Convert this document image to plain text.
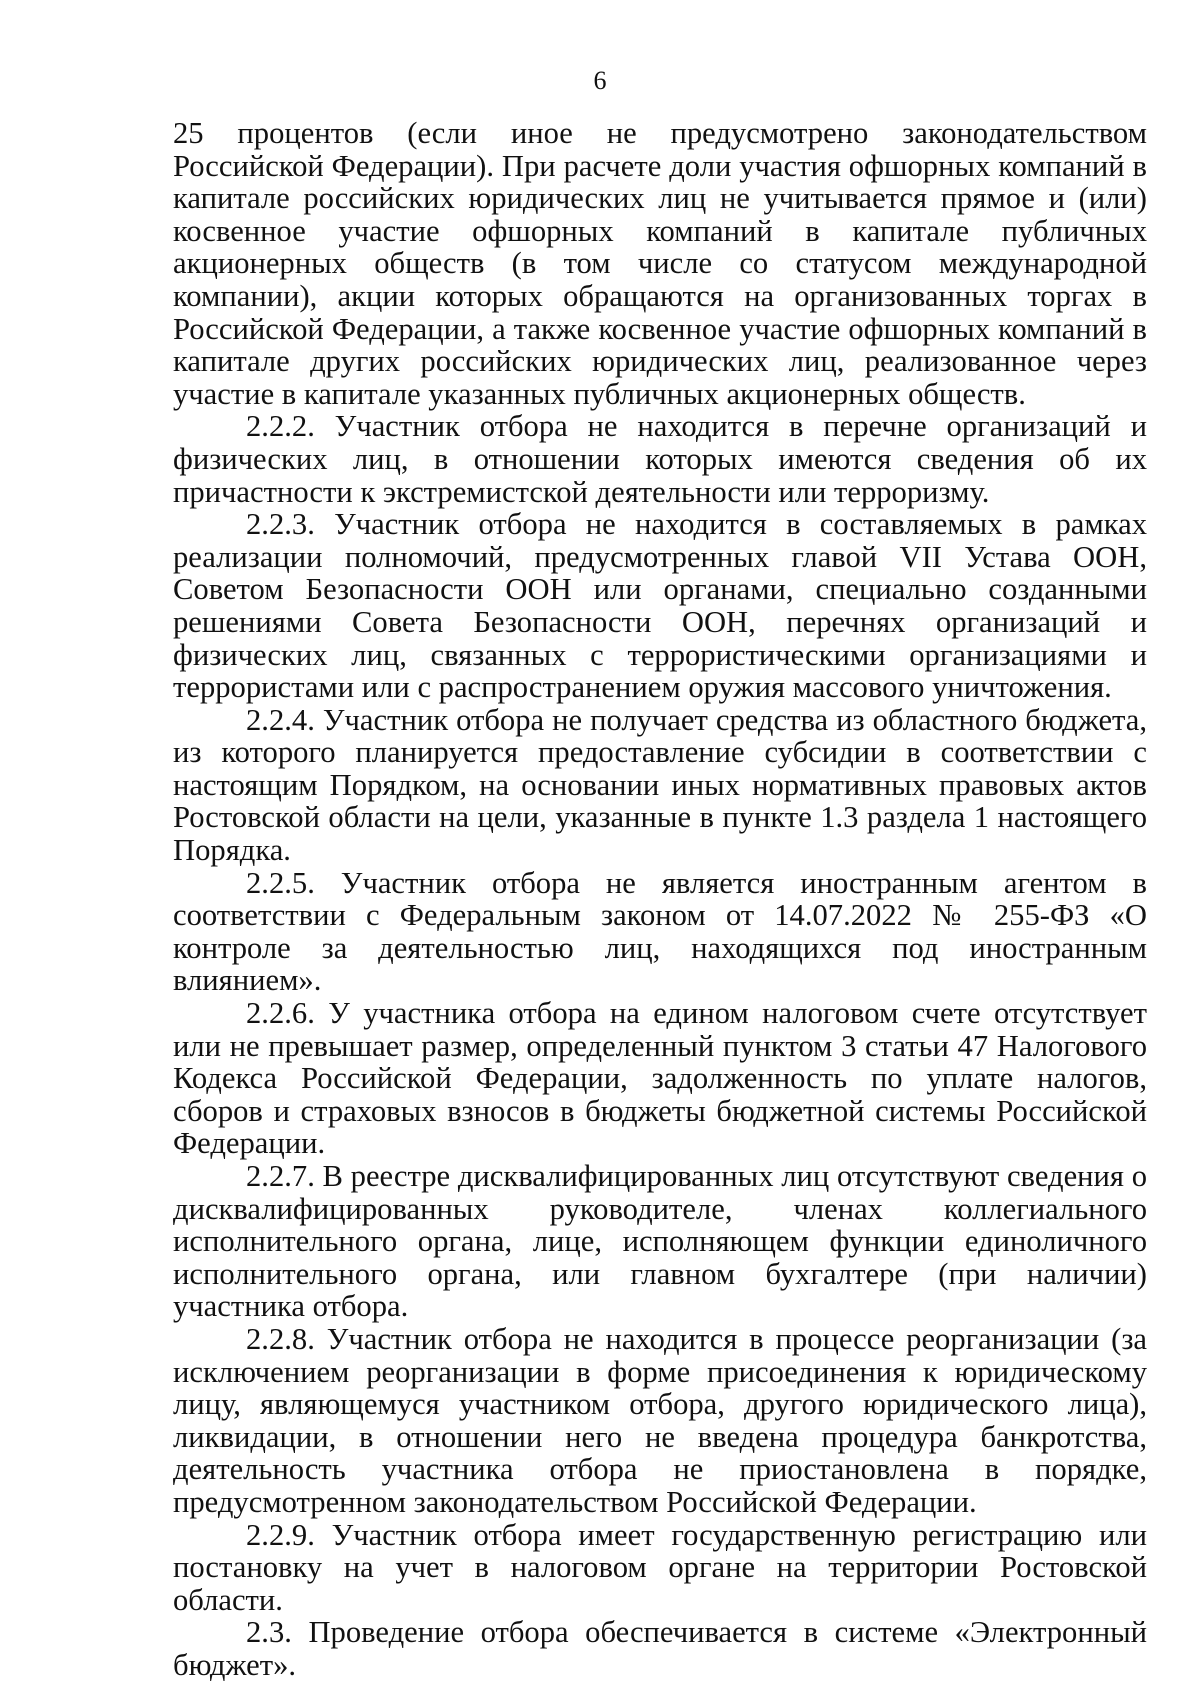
6

25 процентов (если иное не предусмотрено законодательством Российской Федерации). При расчете доли участия офшорных компаний в капитале российских юридических лиц не учитывается прямое и (или) косвенное участие офшорных компаний в капитале публичных акционерных обществ (в том числе со статусом международной компании), акции которых обращаются на организованных торгах в Российской Федерации, а также косвенное участие офшорных компаний в капитале других российских юридических лиц, реализованное через участие в капитале указанных публичных акционерных обществ.

2.2.2. Участник отбора не находится в перечне организаций и физических лиц, в отношении которых имеются сведения об их причастности к экстремистской деятельности или терроризму.

2.2.3. Участник отбора не находится в составляемых в рамках реализации полномочий, предусмотренных главой VII Устава ООН, Советом Безопасности ООН или органами, специально созданными решениями Совета Безопасности ООН, перечнях организаций и физических лиц, связанных с террористическими организациями и террористами или с распространением оружия массового уничтожения.

2.2.4. Участник отбора не получает средства из областного бюджета, из которого планируется предоставление субсидии в соответствии с настоящим Порядком, на основании иных нормативных правовых актов Ростовской области на цели, указанные в пункте 1.3 раздела 1 настоящего Порядка.

2.2.5. Участник отбора не является иностранным агентом в соответствии с Федеральным законом от 14.07.2022 № 255-ФЗ «О контроле за деятельностью лиц, находящихся под иностранным влиянием».

2.2.6. У участника отбора на едином налоговом счете отсутствует или не превышает размер, определенный пунктом 3 статьи 47 Налогового Кодекса Российской Федерации, задолженность по уплате налогов, сборов и страховых взносов в бюджеты бюджетной системы Российской Федерации.

2.2.7. В реестре дисквалифицированных лиц отсутствуют сведения о дисквалифицированных руководителе, членах коллегиального исполнительного органа, лице, исполняющем функции единоличного исполнительного органа, или главном бухгалтере (при наличии) участника отбора.

2.2.8. Участник отбора не находится в процессе реорганизации (за исключением реорганизации в форме присоединения к юридическому лицу, являющемуся участником отбора, другого юридического лица), ликвидации, в отношении него не введена процедура банкротства, деятельность участника отбора не приостановлена в порядке, предусмотренном законодательством Российской Федерации.

2.2.9. Участник отбора имеет государственную регистрацию или постановку на учет в налоговом органе на территории Ростовской области.

2.3. Проведение отбора обеспечивается в системе «Электронный бюджет».
